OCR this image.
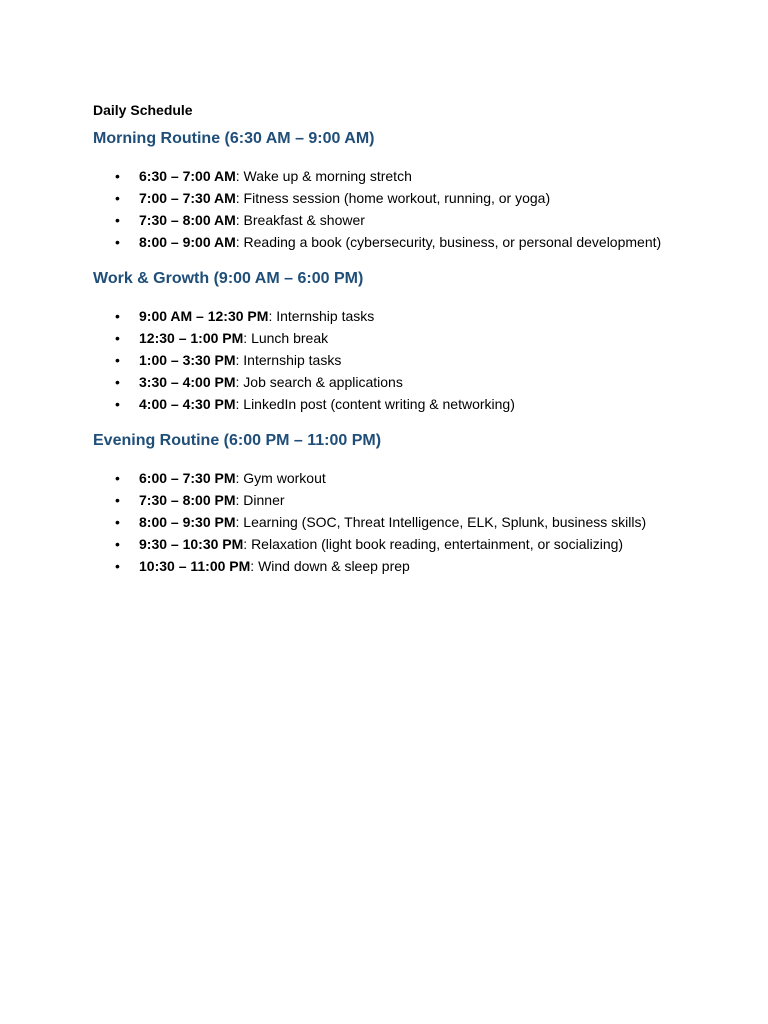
Daily Schedule
Morning Routine (6:30 AM – 9:00 AM)
• 6:30 – 7:00 AM: Wake up & morning stretch
• 7:00 – 7:30 AM: Fitness session (home workout, running, or yoga)
• 7:30 – 8:00 AM: Breakfast & shower
• 8:00 – 9:00 AM: Reading a book (cybersecurity, business, or personal development)
Work & Growth (9:00 AM – 6:00 PM)
• 9:00 AM – 12:30 PM: Internship tasks
• 12:30 – 1:00 PM: Lunch break
• 1:00 – 3:30 PM: Internship tasks
• 3:30 – 4:00 PM: Job search & applications
• 4:00 – 4:30 PM: LinkedIn post (content writing & networking)
Evening Routine (6:00 PM – 11:00 PM)
• 6:00 – 7:30 PM: Gym workout
• 7:30 – 8:00 PM: Dinner
• 8:00 – 9:30 PM: Learning (SOC, Threat Intelligence, ELK, Splunk, business skills)
• 9:30 – 10:30 PM: Relaxation (light book reading, entertainment, or socializing)
• 10:30 – 11:00 PM: Wind down & sleep prep
